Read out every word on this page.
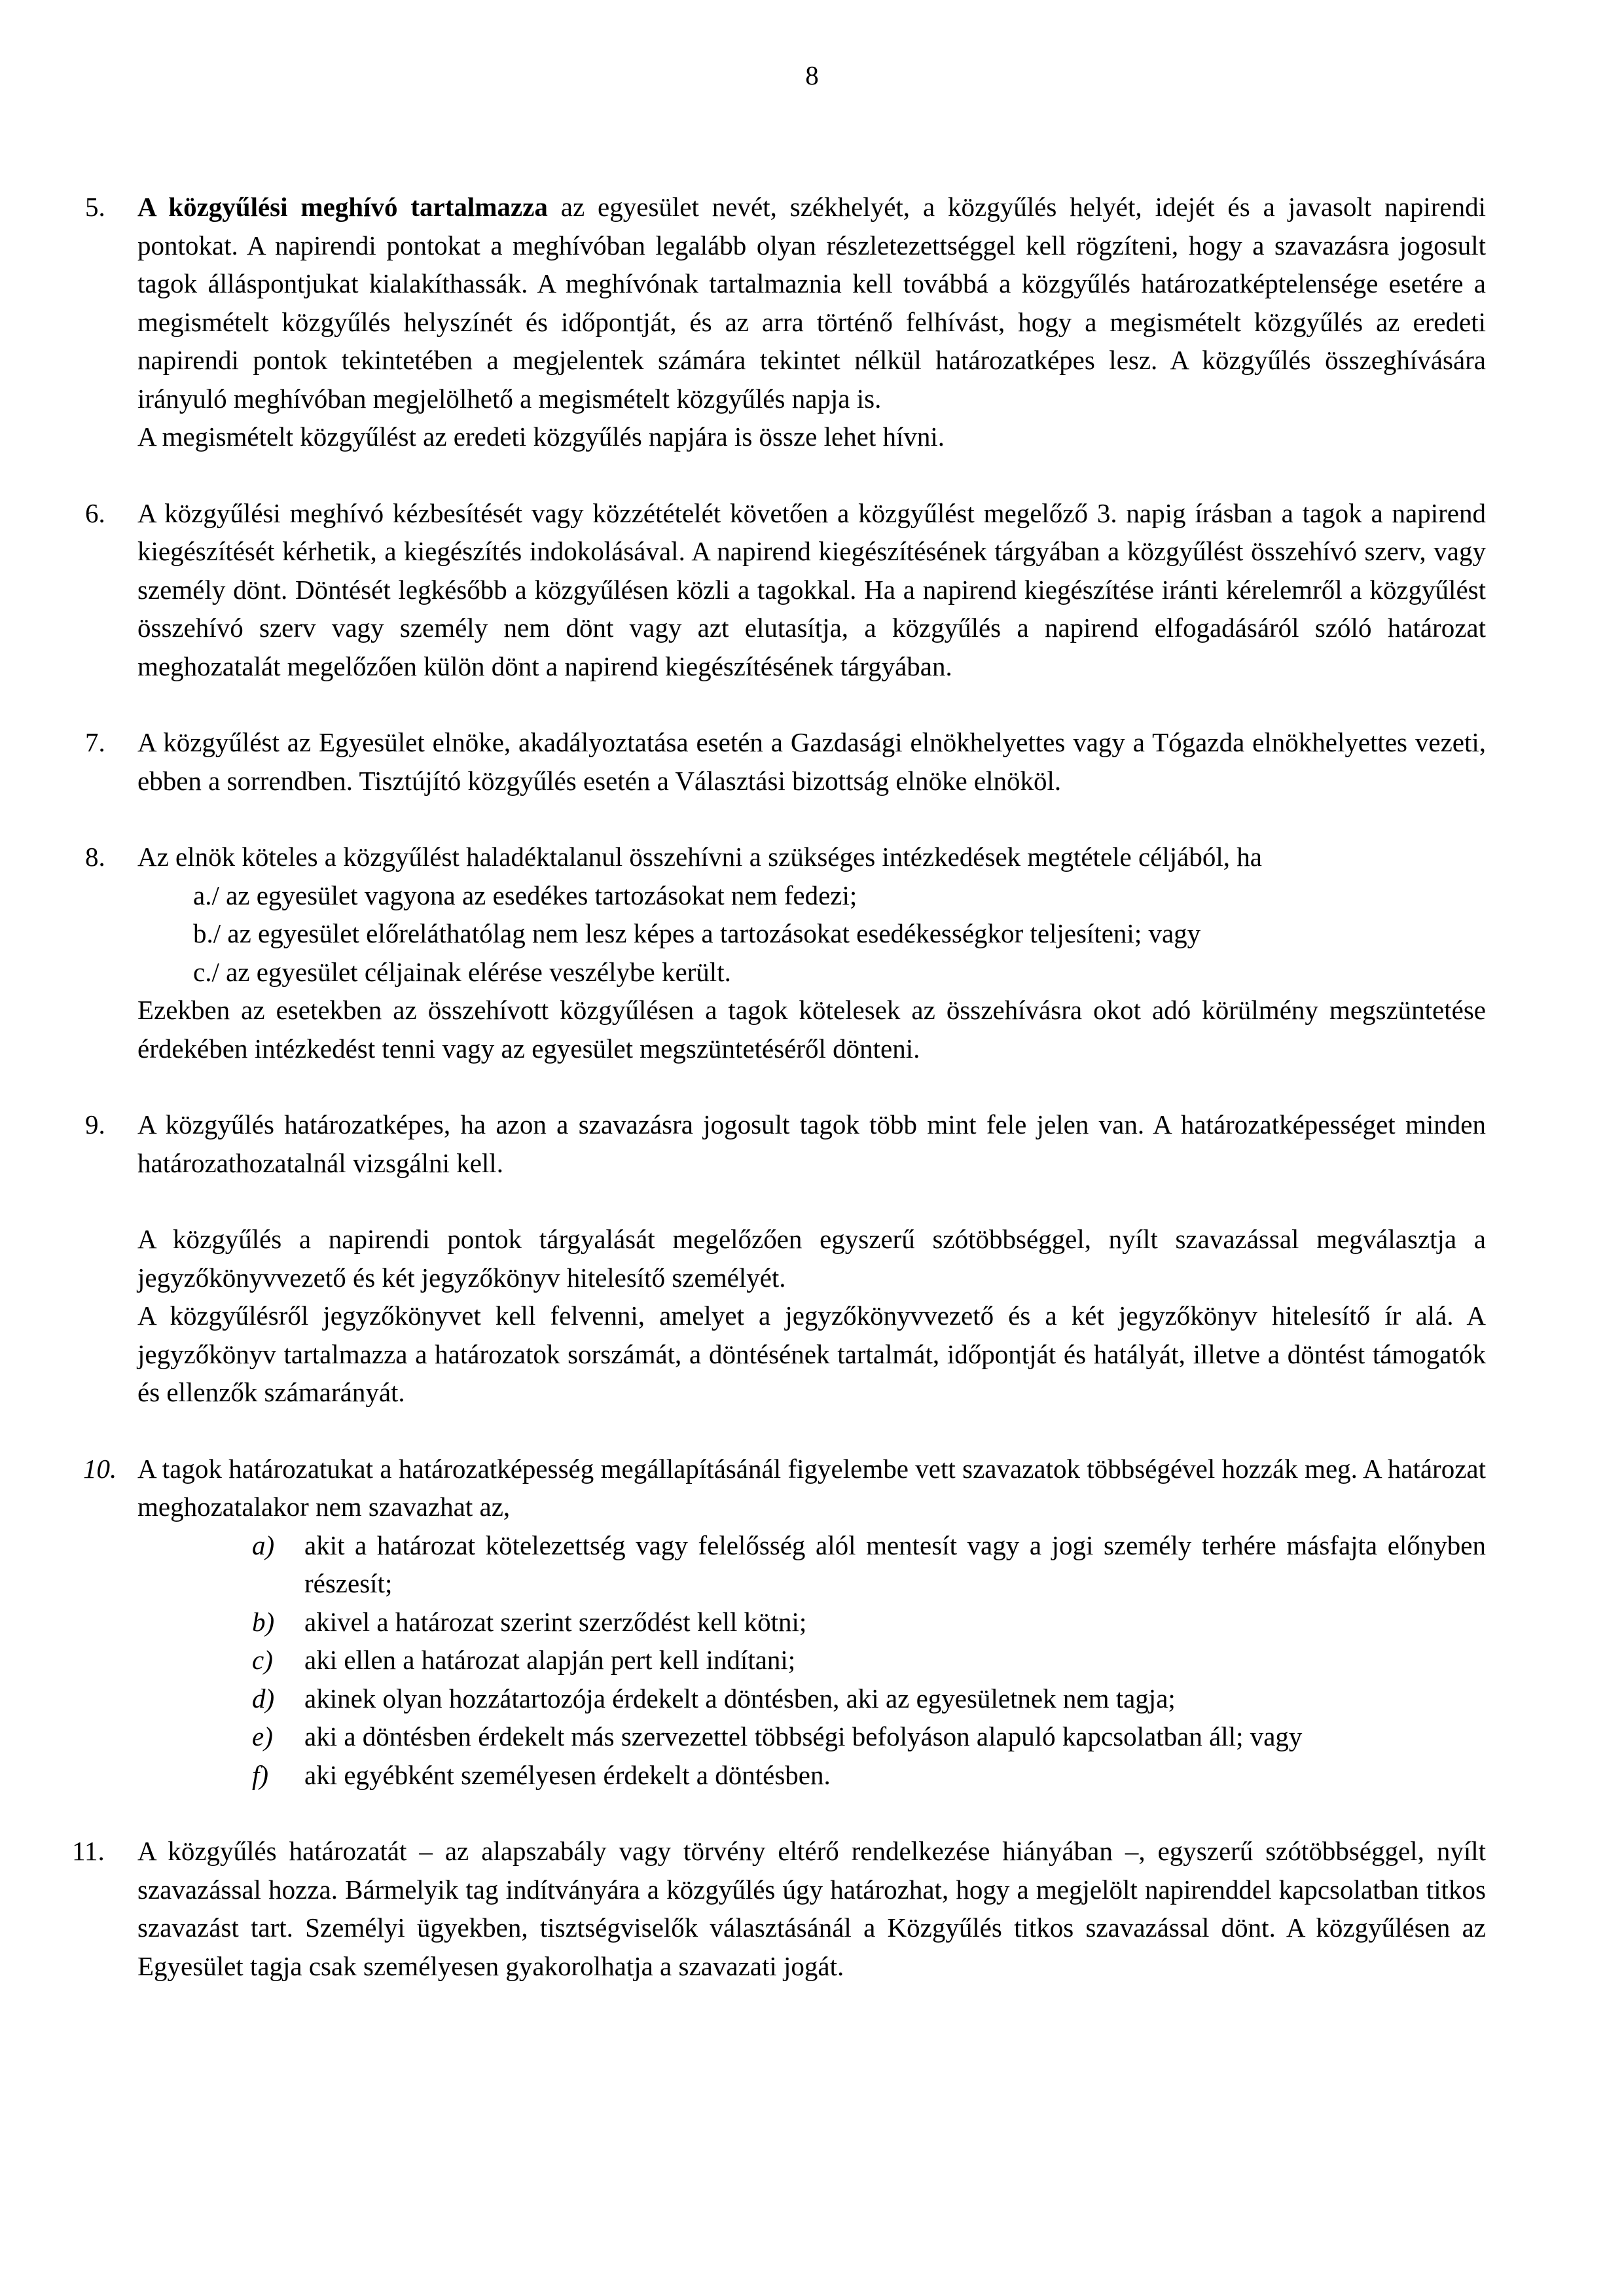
8
5. A közgyűlési meghívó tartalmazza az egyesület nevét, székhelyét, a közgyűlés helyét, idejét és a javasolt napirendi pontokat. A napirendi pontokat a meghívóban legalább olyan részletezettséggel kell rögzíteni, hogy a szavazásra jogosult tagok álláspontjukat kialakíthassák. A meghívónak tartalmaznia kell továbbá a közgyűlés határozatképtelensége esetére a megismételt közgyűlés helyszínét és időpontját, és az arra történő felhívást, hogy a megismételt közgyűlés az eredeti napirendi pontok tekintetében a megjelentek számára tekintet nélkül határozatképes lesz. A közgyűlés összeghívására irányuló meghívóban megjelölhető a megismételt közgyűlés napja is.

A megismételt közgyűlést az eredeti közgyűlés napjára is össze lehet hívni.

6. A közgyűlési meghívó kézbesítését vagy közzétételét követően a közgyűlést megelőző 3. napig írásban a tagok a napirend kiegészítését kérhetik, a kiegészítés indokolásával. A napirend kiegészítésének tárgyában a közgyűlést összehívó szerv, vagy személy dönt. Döntését legkésőbb a közgyűlésen közli a tagokkal. Ha a napirend kiegészítése iránti kérelemről a közgyűlést összehívó szerv vagy személy nem dönt vagy azt elutasítja, a közgyűlés a napirend elfogadásáról szóló határozat meghozatalát megelőzően külön dönt a napirend kiegészítésének tárgyában.

7. A közgyűlést az Egyesület elnöke, akadályoztatása esetén a Gazdasági elnökhelyettes vagy a Tógazda elnökhelyettes vezeti, ebben a sorrendben. Tisztújító közgyűlés esetén a Választási bizottság elnöke elnököl.

8. Az elnök köteles a közgyűlést haladéktalanul összehívni a szükséges intézkedések megtétele céljából, ha

a./ az egyesület vagyona az esedékes tartozásokat nem fedezi;

b./ az egyesület előreláthatólag nem lesz képes a tartozásokat esedékességkor teljesíteni; vagy

c./ az egyesület céljainak elérése veszélybe került.

Ezekben az esetekben az összehívott közgyűlésen a tagok kötelesek az összehívásra okot adó körülmény megszüntetése érdekében intézkedést tenni vagy az egyesület megszüntetéséről dönteni.

9. A közgyűlés határozatképes, ha azon a szavazásra jogosult tagok több mint fele jelen van. A határozatképességet minden határozathozatalnál vizsgálni kell.

A közgyűlés a napirendi pontok tárgyalását megelőzően egyszerű szótöbbséggel, nyílt szavazással megválasztja a jegyzőkönyvvezető és két jegyzőkönyv hitelesítő személyét.

A közgyűlésről jegyzőkönyvet kell felvenni, amelyet a jegyzőkönyvvezető és a két jegyzőkönyv hitelesítő ír alá. A jegyzőkönyv tartalmazza a határozatok sorszámát, a döntésének tartalmát, időpontját és hatályát, illetve a döntést támogatók és ellenzők számarányát.

10. A tagok határozatukat a határozatképesség megállapításánál figyelembe vett szavazatok többségével hozzák meg. A határozat meghozatalakor nem szavazhat az,

a) akit a határozat kötelezettség vagy felelősség alól mentesít vagy a jogi személy terhére másfajta előnyben részesít;

b) akivel a határozat szerint szerződést kell kötni;

c) aki ellen a határozat alapján pert kell indítani;

d) akinek olyan hozzátartozója érdekelt a döntésben, aki az egyesületnek nem tagja;

e) aki a döntésben érdekelt más szervezettel többségi befolyáson alapuló kapcsolatban áll; vagy

f) aki egyébként személyesen érdekelt a döntésben.

11. A közgyűlés határozatát – az alapszabály vagy törvény eltérő rendelkezése hiányában –, egyszerű szótöbbséggel, nyílt szavazással hozza. Bármelyik tag indítványára a közgyűlés úgy határozhat, hogy a megjelölt napirenddel kapcsolatban titkos szavazást tart. Személyi ügyekben, tisztségviselők választásánál a Közgyűlés titkos szavazással dönt. A közgyűlésen az Egyesület tagja csak személyesen gyakorolhatja a szavazati jogát.
